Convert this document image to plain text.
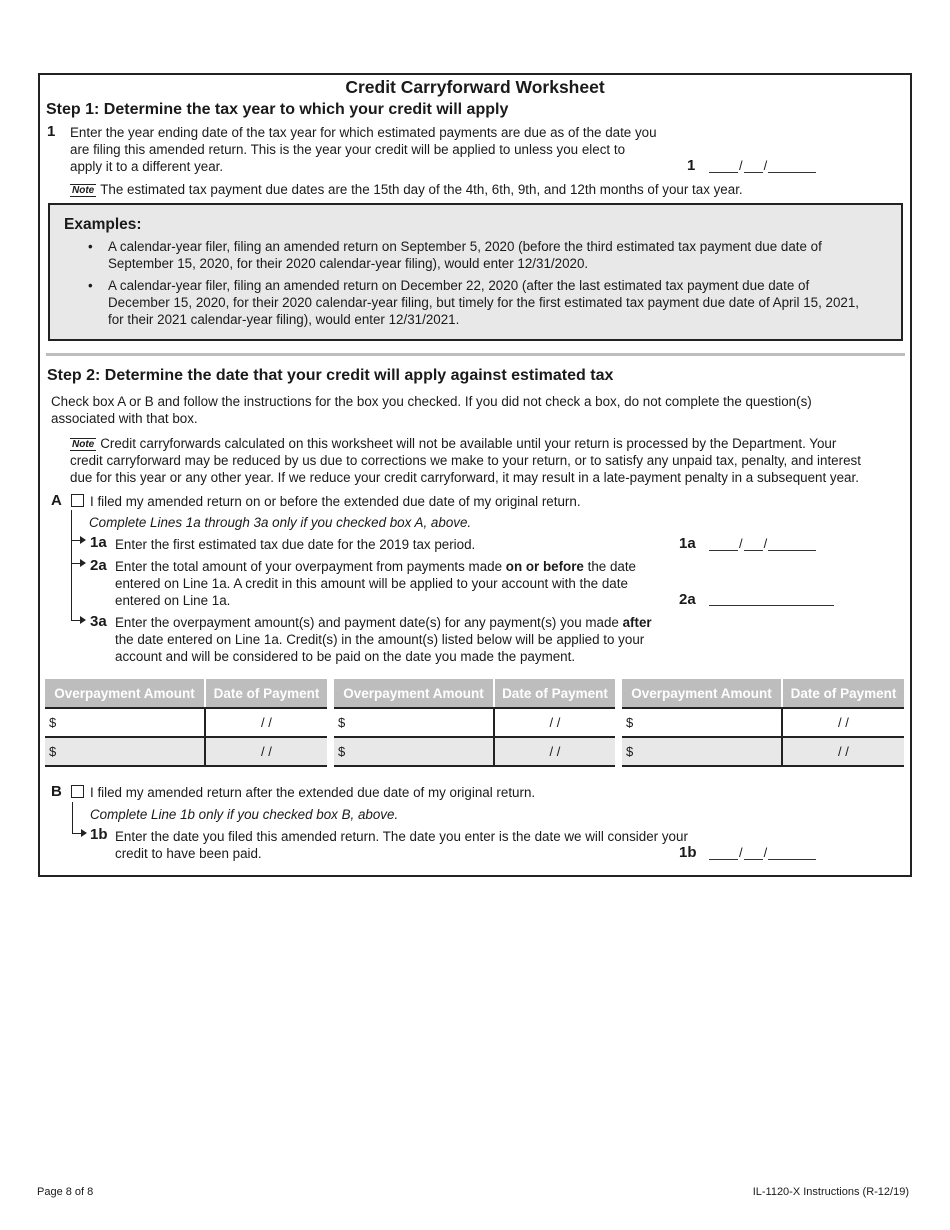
Credit Carryforward Worksheet
Step 1: Determine the tax year to which your credit will apply
1 Enter the year ending date of the tax year for which estimated payments are due as of the date you
are filing this amended return. This is the year your credit will be applied to unless you elect to
apply it to a different year.	1	/ /
Note The estimated tax payment due dates are the 15th day of the 4th, 6th, 9th, and 12th months of your tax year.
Examples:
• A calendar-year filer, filing an amended return on September 5, 2020 (before the third estimated tax payment due date of
September 15, 2020, for their 2020 calendar-year filing), would enter 12/31/2020.
• A calendar-year filer, filing an amended return on December 22, 2020 (after the last estimated tax payment due date of
December 15, 2020, for their 2020 calendar-year filing, but timely for the first estimated tax payment due date of April 15, 2021,
for their 2021 calendar-year filing), would enter 12/31/2021.
Step 2: Determine the date that your credit will apply against estimated tax
Check box A or B and follow the instructions for the box you checked. If you did not check a box, do not complete the question(s)
associated with that box.
Note Credit carryforwards calculated on this worksheet will not be available until your return is processed by the Department. Your
credit carryforward may be reduced by us due to corrections we make to your return, or to satisfy any unpaid tax, penalty, and interest
due for this year or any other year. If we reduce your credit carryforward, it may result in a late-payment penalty in a subsequent year.
A I filed my amended return on or before the extended due date of my original return.
Complete Lines 1a through 3a only if you checked box A, above.
1a Enter the first estimated tax due date for the 2019 tax period.	1a	/ /
2a Enter the total amount of your overpayment from payments made on or before the date
entered on Line 1a. A credit in this amount will be applied to your account with the date
entered on Line 1a.	2a
3a Enter the overpayment amount(s) and payment date(s) for any payment(s) you made after
the date entered on Line 1a. Credit(s) in the amount(s) listed below will be applied to your
account and will be considered to be paid on the date you made the payment.
Overpayment Amount	Date of Payment
$	/ /
$	/ /
Overpayment Amount	Date of Payment
$	/ /
$	/ /
Overpayment Amount	Date of Payment
$	/ /
$	/ /
B I filed my amended return after the extended due date of my original return.
Complete Line 1b only if you checked box B, above.
1b Enter the date you filed this amended return. The date you enter is the date we will consider your
credit to have been paid.	1b	/ /
Page 8 of 8	IL-1120-X Instructions (R-12/19)
